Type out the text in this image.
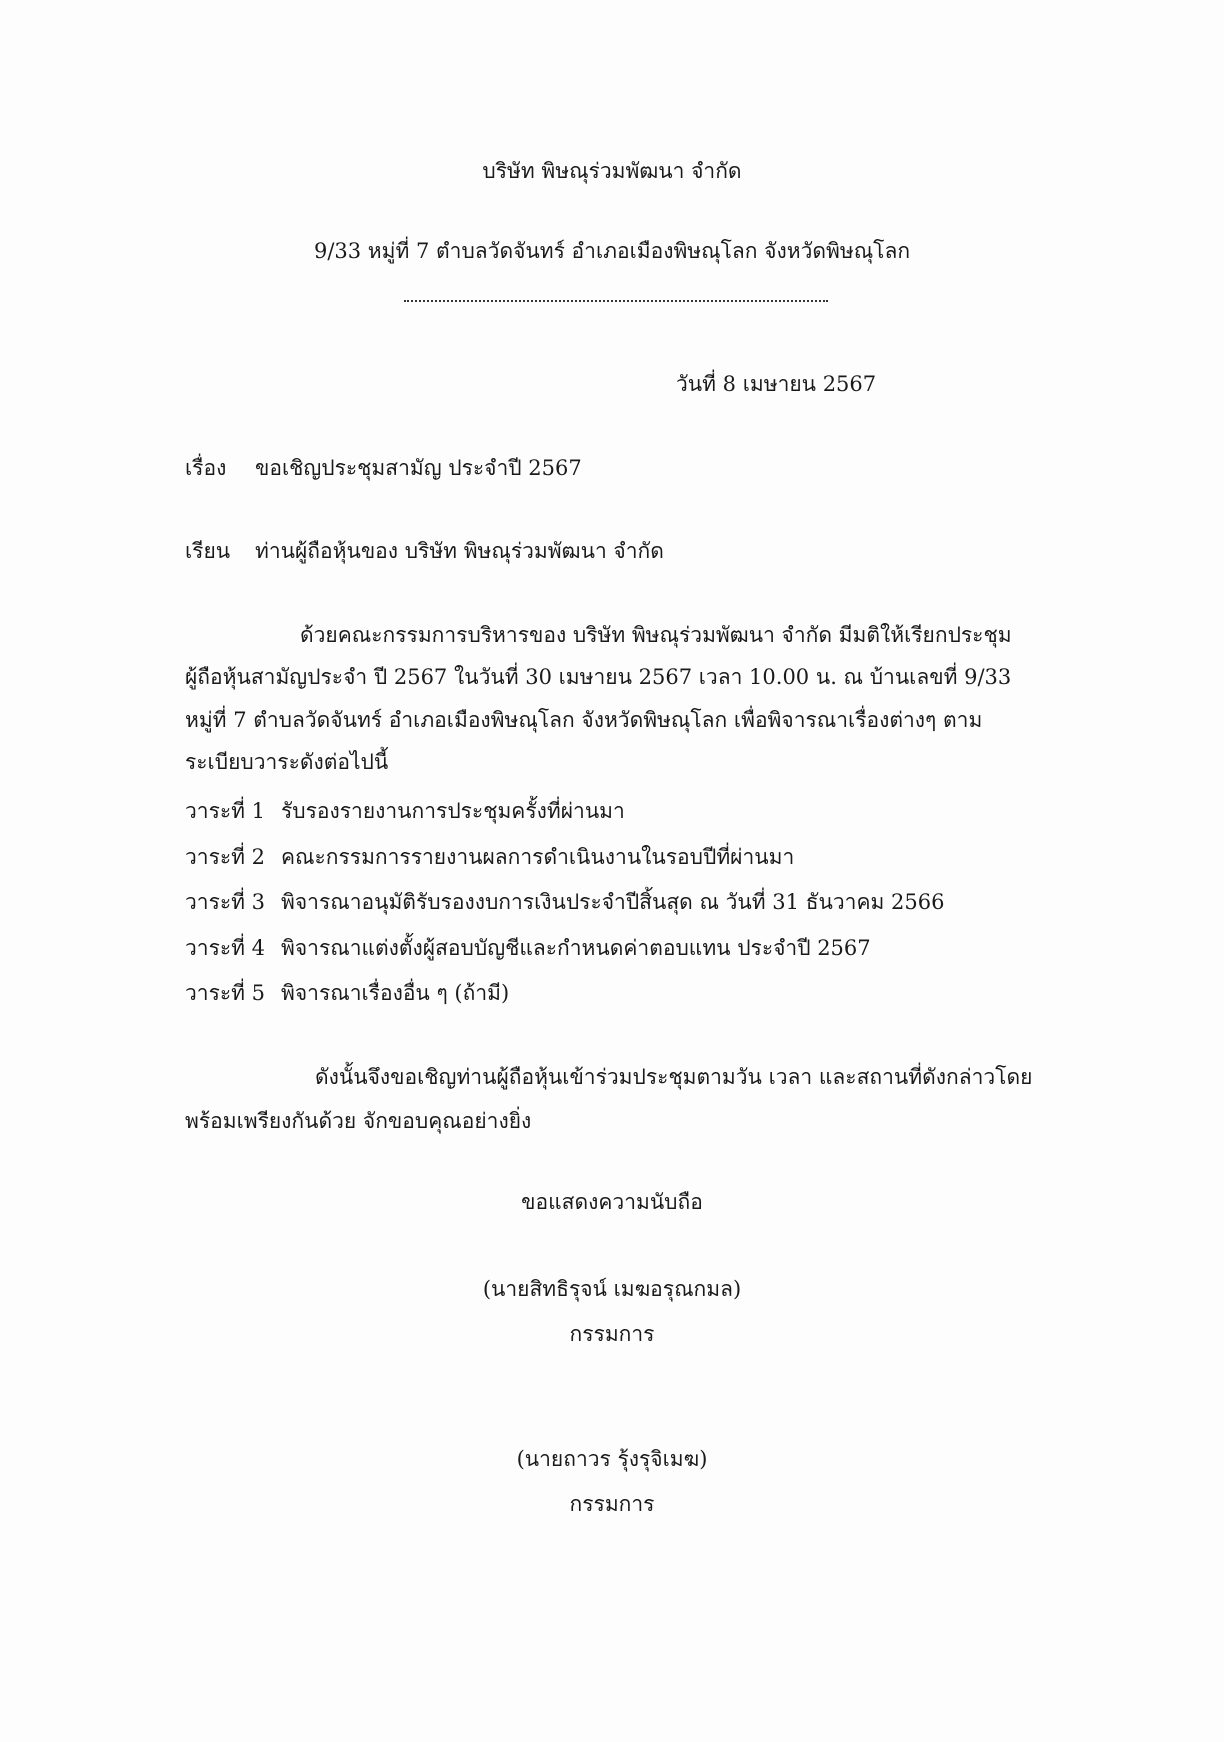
บริษัท พิษณุร่วมพัฒนา จำกัด
9/33 หมู่ที่ 7 ตำบลวัดจันทร์ อำเภอเมืองพิษณุโลก จังหวัดพิษณุโลก
วันที่ 8 เมษายน 2567
เรื่อง ขอเชิญประชุมสามัญ ประจำปี 2567
เรียน ท่านผู้ถือหุ้นของ บริษัท พิษณุร่วมพัฒนา จำกัด
ด้วยคณะกรรมการบริหารของ บริษัท พิษณุร่วมพัฒนา จำกัด มีมติให้เรียกประชุม
ผู้ถือหุ้นสามัญประจำ ปี 2567 ในวันที่ 30 เมษายน 2567 เวลา 10.00 น. ณ บ้านเลขที่ 9/33
หมู่ที่ 7 ตำบลวัดจันทร์ อำเภอเมืองพิษณุโลก จังหวัดพิษณุโลก เพื่อพิจารณาเรื่องต่างๆ ตาม
ระเบียบวาระดังต่อไปนี้
วาระที่ 1 รับรองรายงานการประชุมครั้งที่ผ่านมา
วาระที่ 2 คณะกรรมการรายงานผลการดำเนินงานในรอบปีที่ผ่านมา
วาระที่ 3 พิจารณาอนุมัติรับรองงบการเงินประจำปีสิ้นสุด ณ วันที่ 31 ธันวาคม 2566
วาระที่ 4 พิจารณาแต่งตั้งผู้สอบบัญชีและกำหนดค่าตอบแทน ประจำปี 2567
วาระที่ 5 พิจารณาเรื่องอื่น ๆ (ถ้ามี)
ดังนั้นจึงขอเชิญท่านผู้ถือหุ้นเข้าร่วมประชุมตามวัน เวลา และสถานที่ดังกล่าวโดย
พร้อมเพรียงกันด้วย จักขอบคุณอย่างยิ่ง
ขอแสดงความนับถือ
(นายสิทธิรุจน์ เมฆอรุณกมล)
กรรมการ
(นายถาวร รุ้งรุจิเมฆ)
กรรมการ
